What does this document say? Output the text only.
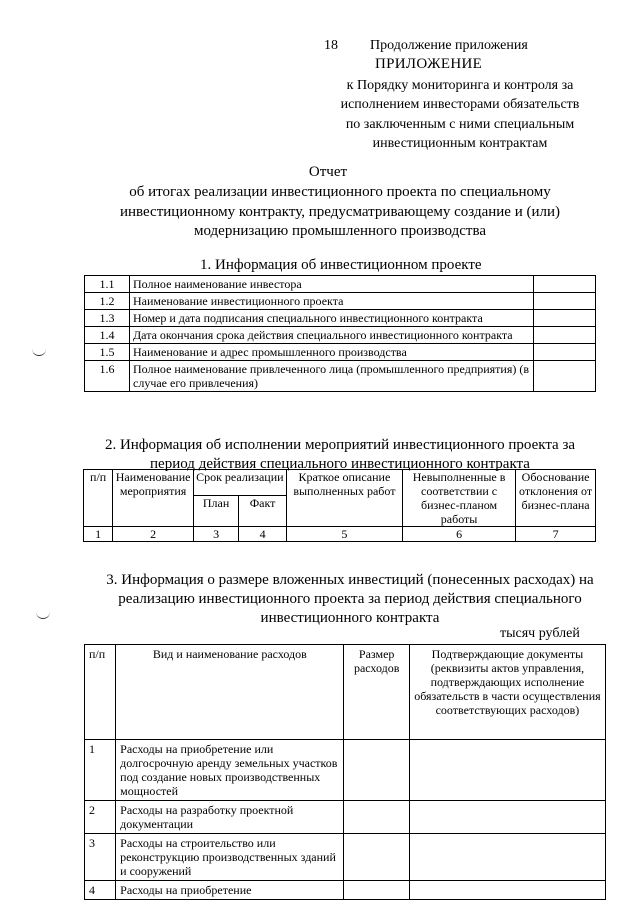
18 Продолжение приложения
ПРИЛОЖЕНИЕ
к Порядку мониторинга и контроля за
исполнением инвесторами обязательств
по заключенным с ними специальным
инвестиционным контрактам
Отчет
об итогах реализации инвестиционного проекта по специальному
инвестиционному контракту, предусматривающему создание и (или)
модернизацию промышленного производства
1. Информация об инвестиционном проекте
1.1	Полное наименование инвестора	
1.2	Наименование инвестиционного проекта	
1.3	Номер и дата подписания специального инвестиционного контракта	
1.4	Дата окончания срока действия специального инвестиционного контракта	
1.5	Наименование и адрес промышленного производства	
1.6	Полное наименование привлеченного лица (промышленного предприятия) (в случае его привлечения)	
2. Информация об исполнении мероприятий инвестиционного проекта за
период действия специального инвестиционного контракта
п/п	Наименование мероприятия	Срок реализации		Краткое описание выполненных работ	Невыполненные в соответствии с бизнес-планом работы	Обоснование отклонения от бизнес-плана
		План	Факт			
1	2	3	4	5	6	7
3. Информация о размере вложенных инвестиций (понесенных расходах) на
реализацию инвестиционного проекта за период действия специального
инвестиционного контракта
тысяч рублей
п/п	Вид и наименование расходов	Размер расходов	Подтверждающие документы (реквизиты актов управления, подтверждающих исполнение обязательств в части осуществления соответствующих расходов)
1	Расходы на приобретение или долгосрочную аренду земельных участков под создание новых производственных мощностей		
2	Расходы на разработку проектной документации		
3	Расходы на строительство или реконструкцию производственных зданий и сооружений		
4	Расходы на приобретение		
